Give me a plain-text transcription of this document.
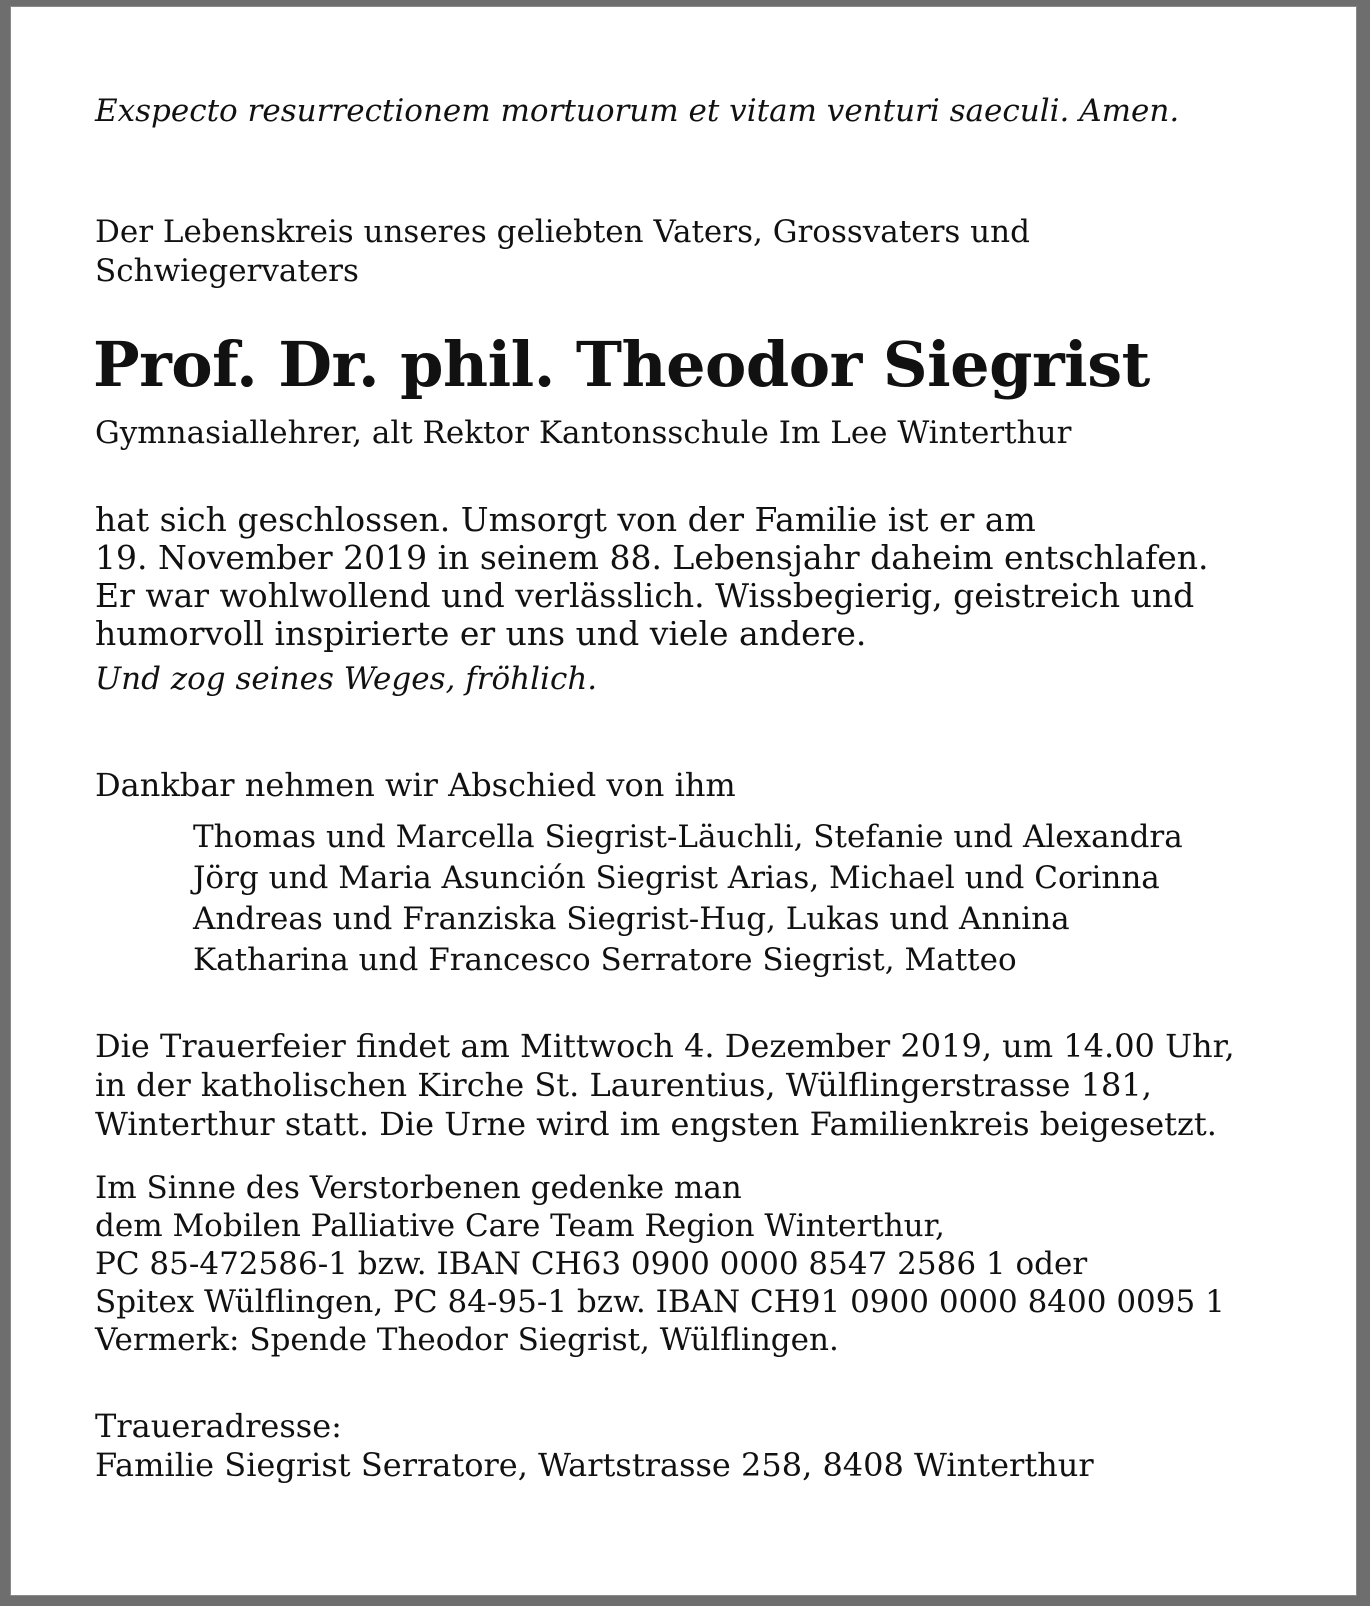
Exspecto resurrectionem mortuorum et vitam venturi saeculi. Amen.
Der Lebenskreis unseres geliebten Vaters, Grossvaters und
Schwiegervaters
Prof. Dr. phil. Theodor Siegrist
Gymnasiallehrer, alt Rektor Kantonsschule Im Lee Winterthur
hat sich geschlossen. Umsorgt von der Familie ist er am
19. November 2019 in seinem 88. Lebensjahr daheim entschlafen.
Er war wohlwollend und verlässlich. Wissbegierig, geistreich und
humorvoll inspirierte er uns und viele andere.
Und zog seines Weges, fröhlich.
Dankbar nehmen wir Abschied von ihm
Thomas und Marcella Siegrist-Läuchli, Stefanie und Alexandra
Jörg und Maria Asunción Siegrist Arias, Michael und Corinna
Andreas und Franziska Siegrist-Hug, Lukas und Annina
Katharina und Francesco Serratore Siegrist, Matteo
Die Trauerfeier findet am Mittwoch 4. Dezember 2019, um 14.00 Uhr,
in der katholischen Kirche St. Laurentius, Wülflingerstrasse 181,
Winterthur statt. Die Urne wird im engsten Familienkreis beigesetzt.
Im Sinne des Verstorbenen gedenke man
dem Mobilen Palliative Care Team Region Winterthur,
PC 85-472586-1 bzw. IBAN CH63 0900 0000 8547 2586 1 oder
Spitex Wülflingen, PC 84-95-1 bzw. IBAN CH91 0900 0000 8400 0095 1
Vermerk: Spende Theodor Siegrist, Wülflingen.
Traueradresse:
Familie Siegrist Serratore, Wartstrasse 258, 8408 Winterthur
